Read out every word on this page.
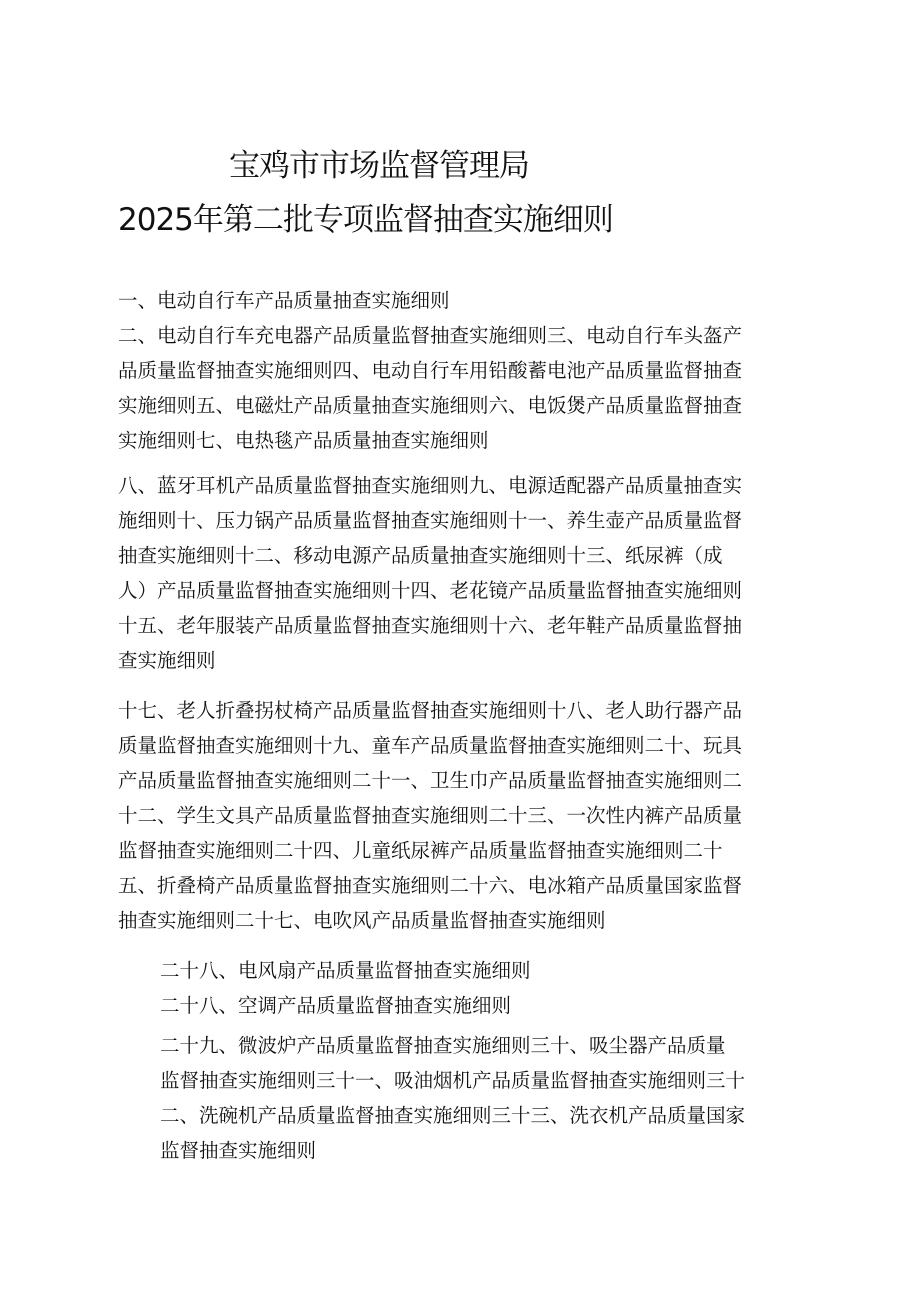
宝鸡市市场监督管理局
2025年第二批专项监督抽查实施细则
一、电动自行车产品质量抽查实施细则
二、电动自行车充电器产品质量监督抽查实施细则三、电动自行车头盔产
品质量监督抽查实施细则四、电动自行车用铅酸蓄电池产品质量监督抽查
实施细则五、电磁灶产品质量抽查实施细则六、电饭煲产品质量监督抽查
实施细则七、电热毯产品质量抽查实施细则
八、蓝牙耳机产品质量监督抽查实施细则九、电源适配器产品质量抽查实
施细则十、压力锅产品质量监督抽查实施细则十一、养生壶产品质量监督
抽查实施细则十二、移动电源产品质量抽查实施细则十三、纸尿裤（成
人）产品质量监督抽查实施细则十四、老花镜产品质量监督抽查实施细则
十五、老年服装产品质量监督抽查实施细则十六、老年鞋产品质量监督抽
查实施细则
十七、老人折叠拐杖椅产品质量监督抽查实施细则十八、老人助行器产品
质量监督抽查实施细则十九、童车产品质量监督抽查实施细则二十、玩具
产品质量监督抽查实施细则二十一、卫生巾产品质量监督抽查实施细则二
十二、学生文具产品质量监督抽查实施细则二十三、一次性内裤产品质量
监督抽查实施细则二十四、儿童纸尿裤产品质量监督抽查实施细则二十
五、折叠椅产品质量监督抽查实施细则二十六、电冰箱产品质量国家监督
抽查实施细则二十七、电吹风产品质量监督抽查实施细则
二十八、电风扇产品质量监督抽查实施细则
二十八、空调产品质量监督抽查实施细则
二十九、微波炉产品质量监督抽查实施细则三十、吸尘器产品质量
监督抽查实施细则三十一、吸油烟机产品质量监督抽查实施细则三十
二、洗碗机产品质量监督抽查实施细则三十三、洗衣机产品质量国家
监督抽查实施细则
